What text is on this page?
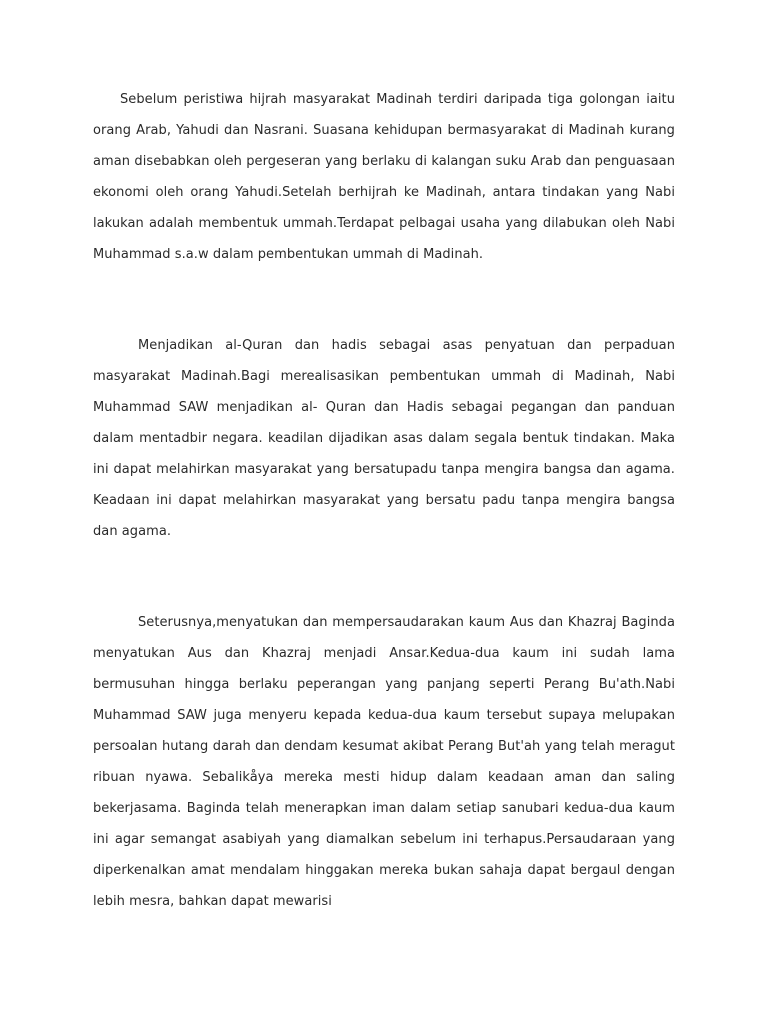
Sebelum peristiwa hijrah masyarakat Madinah terdiri daripada tiga golongan iaitu orang Arab, Yahudi dan Nasrani. Suasana kehidupan bermasyarakat di Madinah kurang aman disebabkan oleh pergeseran yang berlaku di kalangan suku Arab dan penguasaan ekonomi oleh orang Yahudi.Setelah berhijrah ke Madinah, antara tindakan yang Nabi lakukan adalah membentuk ummah.Terdapat pelbagai usaha yang dilabukan oleh Nabi Muhammad s.a.w dalam pembentukan ummah di Madinah.

Menjadikan al-Quran dan hadis sebagai asas penyatuan dan perpaduan masyarakat Madinah.Bagi merealisasikan pembentukan ummah di Madinah, Nabi Muhammad SAW menjadikan al- Quran dan Hadis sebagai pegangan dan panduan dalam mentadbir negara. keadilan dijadikan asas dalam segala bentuk tindakan. Maka ini dapat melahirkan masyarakat yang bersatupadu tanpa mengira bangsa dan agama. Keadaan ini dapat melahirkan masyarakat yang bersatu padu tanpa mengira bangsa dan agama.

Seterusnya,menyatukan dan mempersaudarakan kaum Aus dan Khazraj Baginda menyatukan Aus dan Khazraj menjadi Ansar.Kedua-dua kaum ini sudah lama bermusuhan hingga berlaku peperangan yang panjang seperti Perang Bu'ath.Nabi Muhammad SAW juga menyeru kepada kedua-dua kaum tersebut supaya melupakan persoalan hutang darah dan dendam kesumat akibat Perang But'ah yang telah meragut ribuan nyawa. Sebalikåya mereka mesti hidup dalam keadaan aman dan saling bekerjasama. Baginda telah menerapkan iman dalam setiap sanubari kedua-dua kaum ini agar semangat asabiyah yang diamalkan sebelum ini terhapus.Persaudaraan yang diperkenalkan amat mendalam hinggakan mereka bukan sahaja dapat bergaul dengan lebih mesra, bahkan dapat mewarisi
